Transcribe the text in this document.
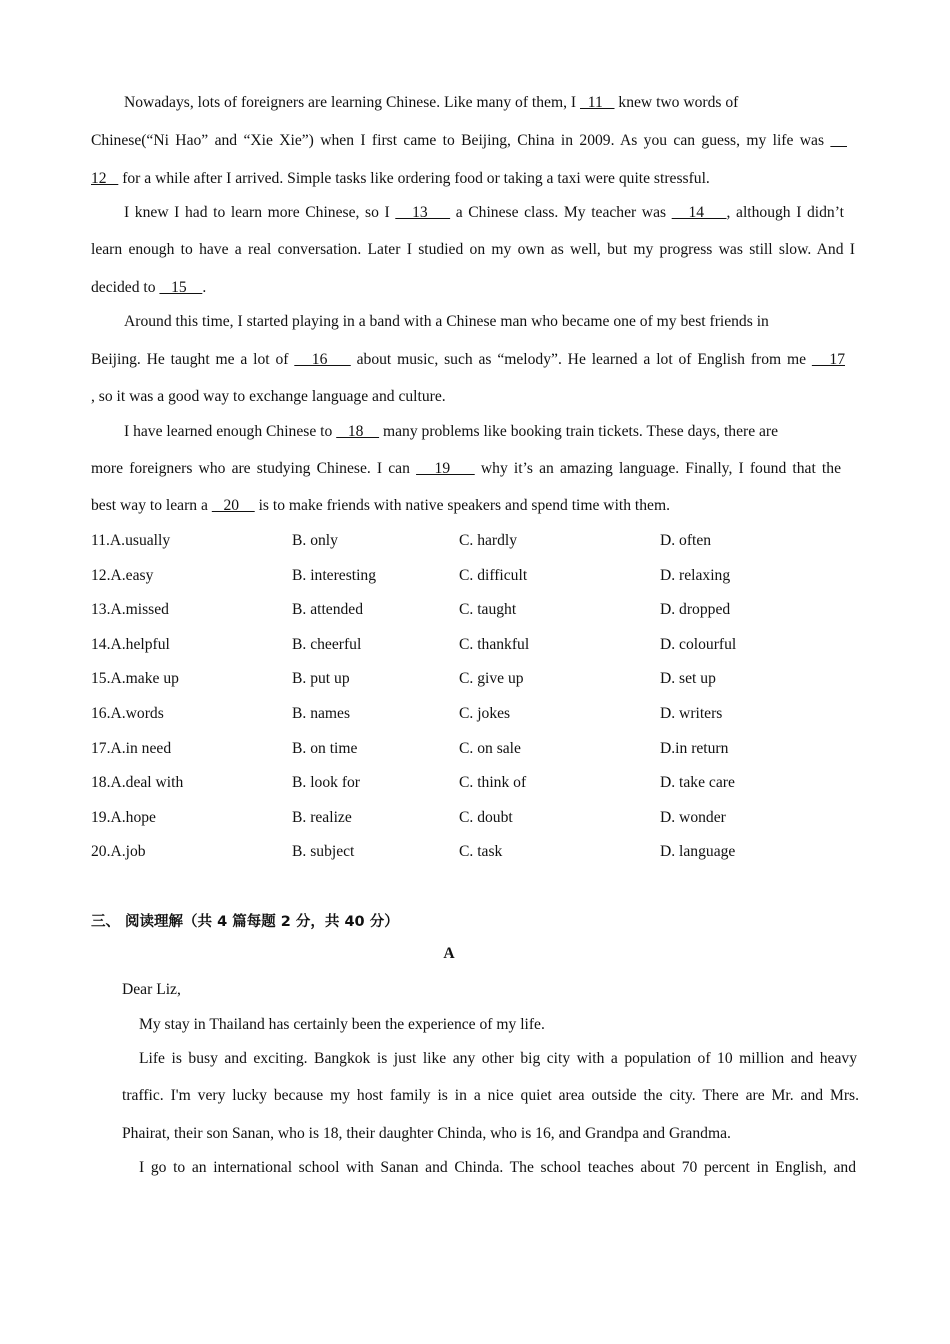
三、 阅读理解（共 4 篇每题 2 分，共 40 分）
A
Nowadays, lots of foreigners are learning Chinese. Like many of them, I   11    knew two words of
Chinese(“Ni Hao” and “Xie Xie”) when I first came to Beijing, China in 2009. As you can guess, my life was
12    for a while after I arrived. Simple tasks like ordering food or taking a taxi were quite stressful.
I knew I had to learn more Chinese, so I    13     a Chinese class. My teacher was    14    , although I didn’t
learn enough to have a real conversation. Later I studied on my own as well, but my progress was still slow. And I
decided to    15    .
Around this time, I started playing in a band with a Chinese man who became one of my best friends in
Beijing. He taught me a lot of    16     about music, such as “melody”. He learned a lot of English from me    17
, so it was a good way to exchange language and culture.
I have learned enough Chinese to    18     many problems like booking train tickets. These days, there are
more foreigners who are studying Chinese. I can    19     why it’s an amazing language. Finally, I found that the
best way to learn a    20     is to make friends with native speakers and spend time with them.
Dear Liz,
My stay in Thailand has certainly been the experience of my life.
Life is busy and exciting. Bangkok is just like any other big city with a population of 10 million and heavy
traffic. I'm very lucky because my host family is in a nice quiet area outside the city. There are Mr. and Mrs.
Phairat, their son Sanan, who is 18, their daughter Chinda, who is 16, and Grandpa and Grandma.
I go to an international school with Sanan and Chinda. The school teaches about 70 percent in English, and
11.A.usually	B. only	C. hardly	D. often
12.A.easy	B. interesting	C. difficult	D. relaxing
13.A.missed	B. attended	C. taught	D. dropped
14.A.helpful	B. cheerful	C. thankful	D. colourful
15.A.make up	B. put up	C. give up	D. set up
16.A.words	B. names	C. jokes	D. writers
17.A.in need	B. on time	C. on sale	D.in return
18.A.deal with	B. look for	C. think of	D. take care
19.A.hope	B. realize	C. doubt	D. wonder
20.A.job	B. subject	C. task	D. language
